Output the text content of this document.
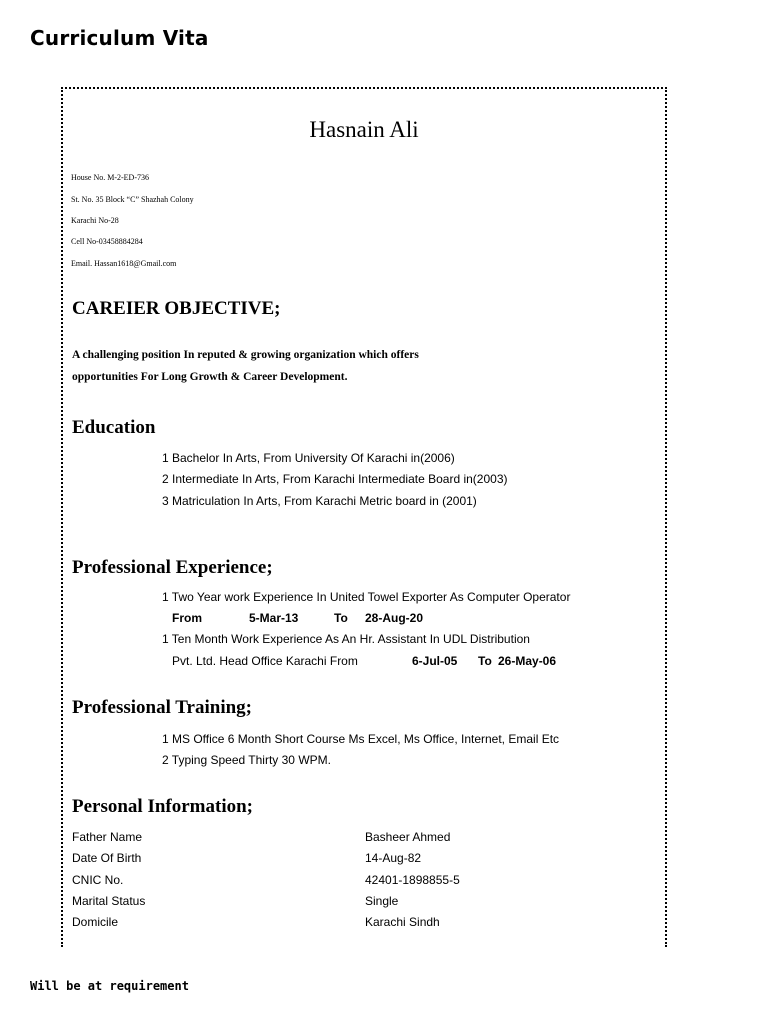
Curriculum Vita
Hasnain Ali
House No. M-2-ED-736
St. No. 35 Block “C” Shazhah Colony
Karachi No-28
Cell No-03458884284
Email. Hassan1618@Gmail.com
CAREIER OBJECTIVE;
A challenging position In reputed & growing organization which offers
opportunities For Long Growth & Career Development.
Education
1 Bachelor In Arts, From University Of Karachi in(2006)
2 Intermediate In Arts, From Karachi Intermediate Board in(2003)
3 Matriculation In Arts, From Karachi Metric board in (2001)
Professional Experience;
1 Two Year work Experience In United Towel Exporter As Computer Operator
From	5-Mar-13	To 28-Aug-20
1 Ten Month Work Experience As An Hr. Assistant In UDL Distribution
Pvt. Ltd. Head Office Karachi From	6-Jul-05 To 26-May-06
Professional Training;
1 MS Office 6 Month Short Course Ms Excel, Ms Office, Internet, Email Etc
2 Typing Speed Thirty 30 WPM.
Personal Information;
Father Name	Basheer Ahmed
Date Of Birth	14-Aug-82
CNIC No.	42401-1898855-5
Marital Status	Single
Domicile	Karachi Sindh
Will be at requirement
